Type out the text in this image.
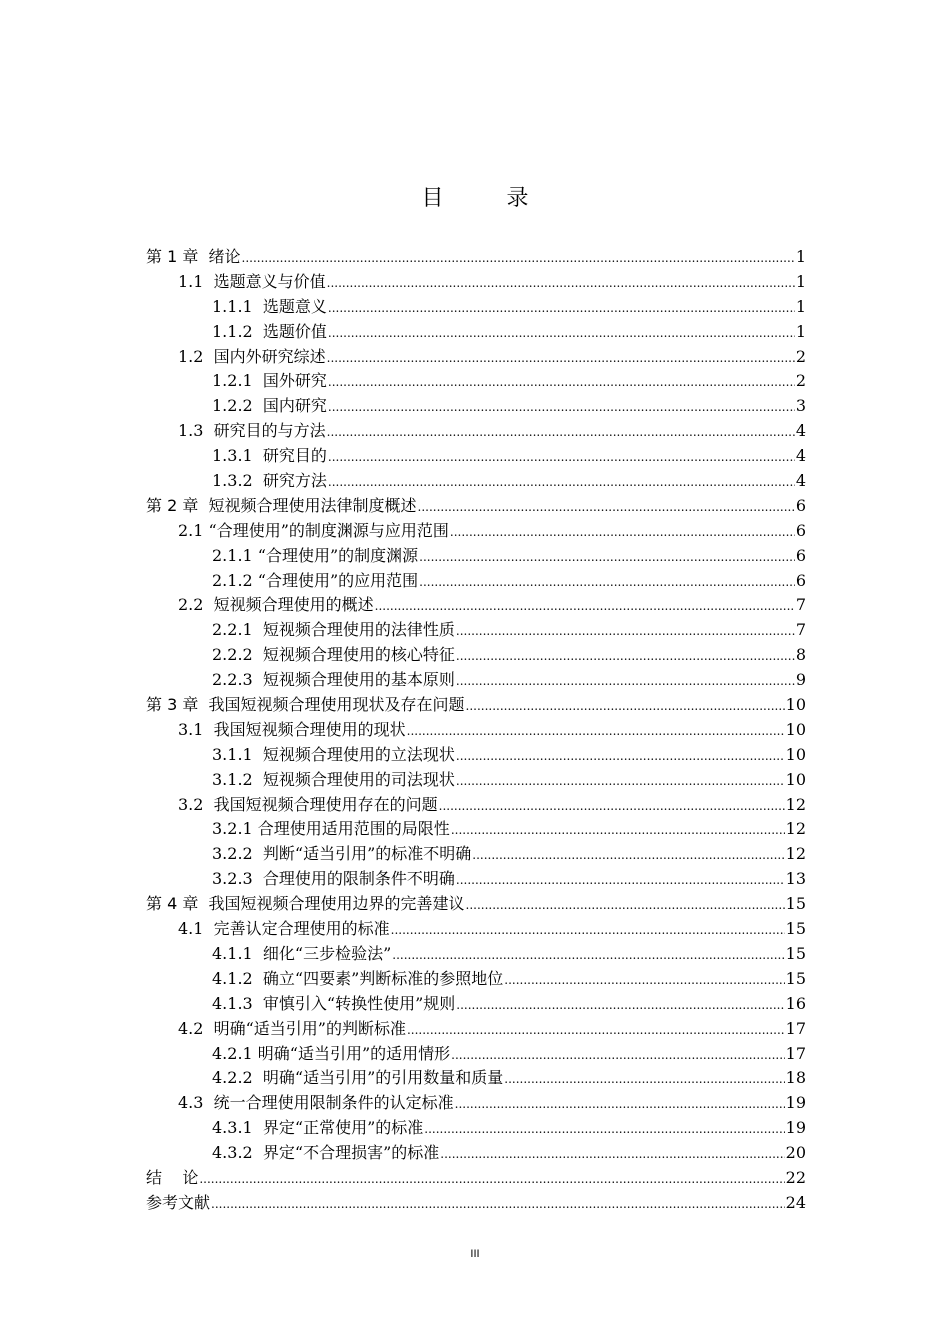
目 录
第 1 章  绪论 .....	1
1.1  选题意义与价值 .....	1
1.1.1  选题意义 .....	1
1.1.2  选题价值 .....	1
1.2  国内外研究综述 .....	2
1.2.1  国外研究 .....	2
1.2.2  国内研究 .....	3
1.3  研究目的与方法 .....	4
1.3.1  研究目的 .....	4
1.3.2  研究方法 .....	4
第 2 章  短视频合理使用法律制度概述 .....	6
2.1 “合理使用”的制度渊源与应用范围 .....	6
2.1.1 “合理使用”的制度渊源 .....	6
2.1.2 “合理使用”的应用范围 .....	6
2.2  短视频合理使用的概述 .....	7
2.2.1  短视频合理使用的法律性质 .....	7
2.2.2  短视频合理使用的核心特征 .....	8
2.2.3  短视频合理使用的基本原则 .....	9
第 3 章  我国短视频合理使用现状及存在问题 .....	10
3.1  我国短视频合理使用的现状 .....	10
3.1.1  短视频合理使用的立法现状 .....	10
3.1.2  短视频合理使用的司法现状 .....	10
3.2  我国短视频合理使用存在的问题 .....	12
3.2.1 合理使用适用范围的局限性 .....	12
3.2.2  判断“适当引用”的标准不明确 .....	12
3.2.3  合理使用的限制条件不明确 .....	13
第 4 章  我国短视频合理使用边界的完善建议 .....	15
4.1  完善认定合理使用的标准 .....	15
4.1.1  细化“三步检验法” .....	15
4.1.2  确立“四要素”判断标准的参照地位 .....	15
4.1.3  审慎引入“转换性使用”规则 .....	16
4.2  明确“适当引用”的判断标准 .....	17
4.2.1 明确“适当引用”的适用情形 .....	17
4.2.2  明确“适当引用”的引用数量和质量 .....	18
4.3  统一合理使用限制条件的认定标准 .....	19
4.3.1  界定“正常使用”的标准 .....	19
4.3.2  界定“不合理损害”的标准 .....	20
结    论 .....	22
参考文献 .....	24
III
